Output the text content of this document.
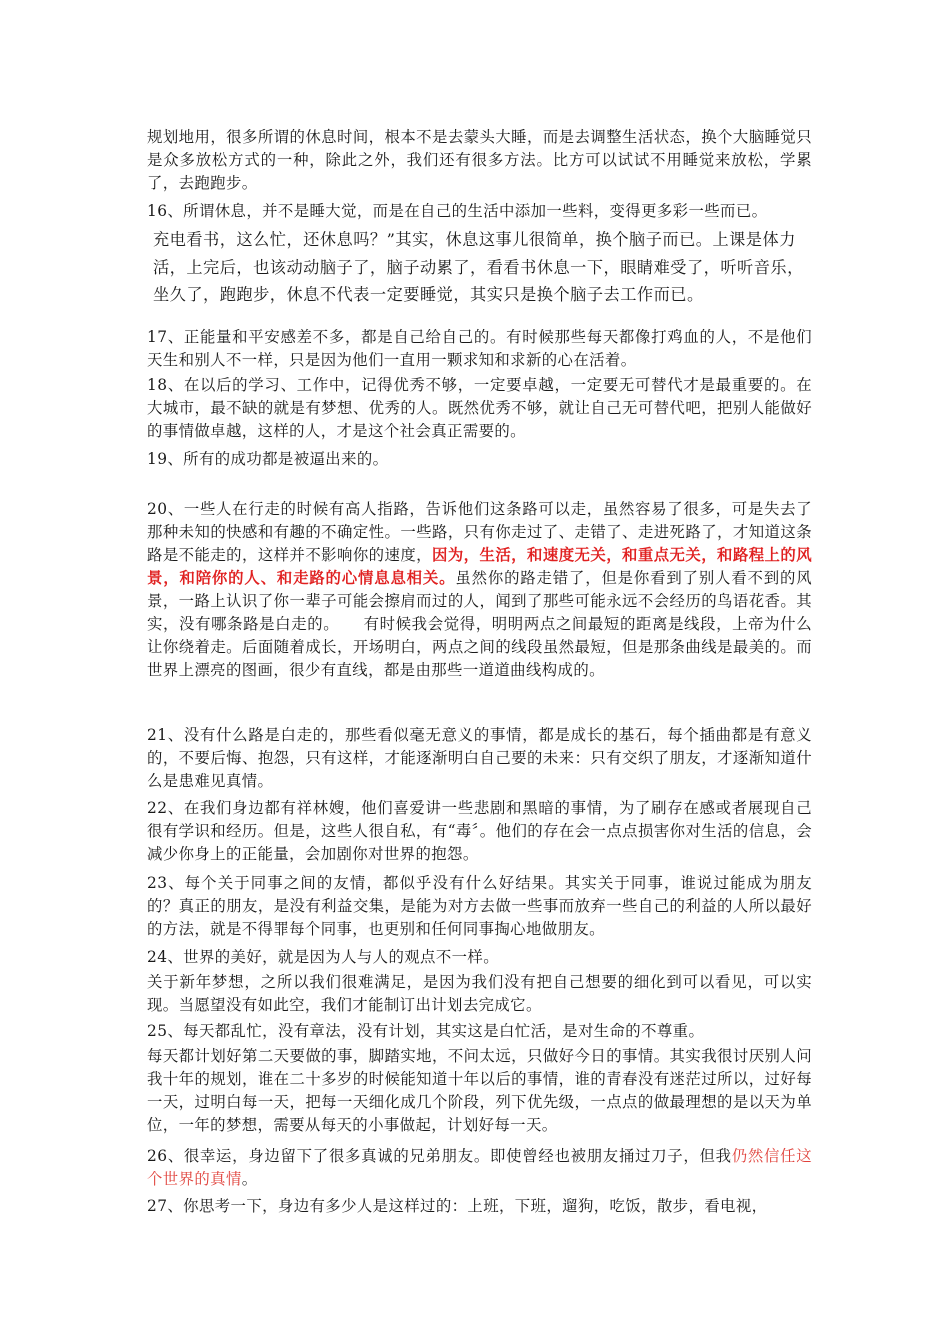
规划地用，很多所谓的休息时间，根本不是去蒙头大睡，而是去调整生活状态，换个大脑睡觉只是众多放松方式的一种，除此之外，我们还有很多方法。比方可以试试不用睡觉来放松，学累了，去跑跑步。

16、所谓休息，并不是睡大觉，而是在自己的生活中添加一些料，变得更多彩一些而已。

充电看书，这么忙，还休息吗？”其实，休息这事儿很简单，换个脑子而已。上课是体力活，上完后，也该动动脑子了，脑子动累了，看看书休息一下，眼睛难受了，听听音乐，坐久了，跑跑步，休息不代表一定要睡觉，其实只是换个脑子去工作而已。

17、正能量和平安感差不多，都是自己给自己的。有时候那些每天都像打鸡血的人，不是他们天生和别人不一样，只是因为他们一直用一颗求知和求新的心在活着。

18、在以后的学习、工作中，记得优秀不够，一定要卓越，一定要无可替代才是最重要的。在大城市，最不缺的就是有梦想、优秀的人。既然优秀不够，就让自己无可替代吧，把别人能做好的事情做卓越，这样的人，才是这个社会真正需要的。

19、所有的成功都是被逼出来的。

20、一些人在行走的时候有高人指路，告诉他们这条路可以走，虽然容易了很多，可是失去了那种未知的快感和有趣的不确定性。一些路，只有你走过了、走错了、走进死路了，才知道这条路是不能走的，这样并不影响你的速度，因为，生活，和速度无关，和重点无关，和路程上的风景，和陪你的人、和走路的心情息息相关。虽然你的路走错了，但是你看到了别人看不到的风景，一路上认识了你一辈子可能会擦肩而过的人，闻到了那些可能永远不会经历的鸟语花香。其实，没有哪条路是白走的。　　有时候我会觉得，明明两点之间最短的距离是线段，上帝为什么让你绕着走。后面随着成长，开场明白，两点之间的线段虽然最短，但是那条曲线是最美的。而世界上漂亮的图画，很少有直线，都是由那些一道道曲线构成的。

21、没有什么路是白走的，那些看似毫无意义的事情，都是成长的基石，每个插曲都是有意义的，不要后悔、抱怨，只有这样，才能逐渐明白自己要的未来：只有交织了朋友，才逐渐知道什么是患难见真情。

22、在我们身边都有祥林嫂，他们喜爱讲一些悲剧和黑暗的事情，为了刷存在感或者展现自己很有学识和经历。但是，这些人很自私，有“毒〞。他们的存在会一点点损害你对生活的信息，会减少你身上的正能量，会加剧你对世界的抱怨。

23、每个关于同事之间的友情，都似乎没有什么好结果。其实关于同事，谁说过能成为朋友的？真正的朋友，是没有利益交集，是能为对方去做一些事而放弃一些自己的利益的人所以最好的方法，就是不得罪每个同事，也更别和任何同事掏心地做朋友。

24、世界的美好，就是因为人与人的观点不一样。

关于新年梦想，之所以我们很难满足，是因为我们没有把自己想要的细化到可以看见，可以实现。当愿望没有如此空，我们才能制订出计划去完成它。

25、每天都乱忙，没有章法，没有计划，其实这是白忙活，是对生命的不尊重。

每天都计划好第二天要做的事，脚踏实地，不问太远，只做好今日的事情。其实我很讨厌别人问我十年的规划，谁在二十多岁的时候能知道十年以后的事情，谁的青春没有迷茫过所以，过好每一天，过明白每一天，把每一天细化成几个阶段，列下优先级，一点点的做最理想的是以天为单位，一年的梦想，需要从每天的小事做起，计划好每一天。

26、很幸运，身边留下了很多真诚的兄弟朋友。即使曾经也被朋友捅过刀子，但我仍然信任这个世界的真情。

27、你思考一下，身边有多少人是这样过的：上班，下班，遛狗，吃饭，散步，看电视，
